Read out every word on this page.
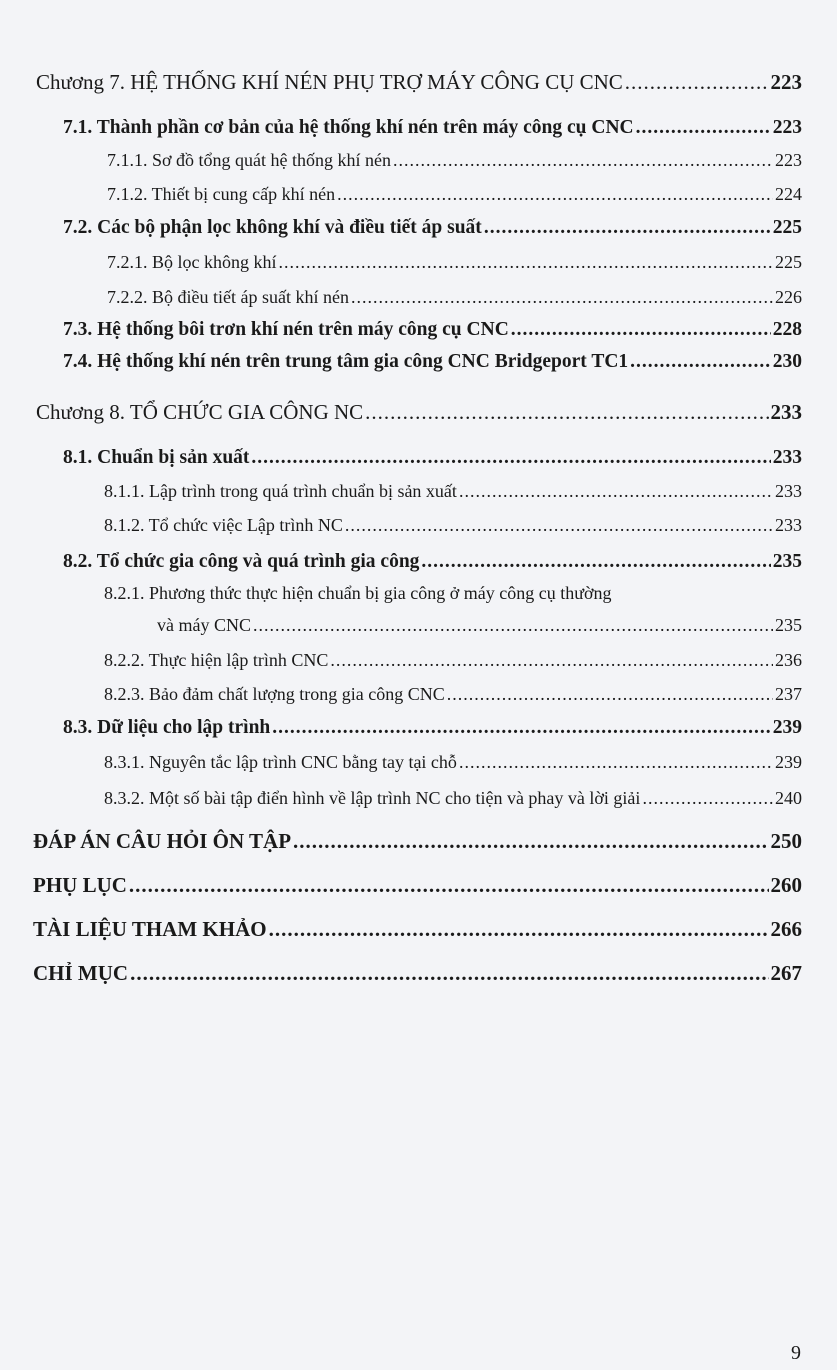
Chương 7. HỆ THỐNG KHÍ NÉN PHỤ TRỢ MÁY CÔNG CỤ CNC .....	223
7.1. Thành phần cơ bản của hệ thống khí nén trên máy công cụ CNC .....	223
7.1.1. Sơ đồ tổng quát hệ thống khí nén .....	223
7.1.2. Thiết bị cung cấp khí nén .....	224
7.2. Các bộ phận lọc không khí và điều tiết áp suất .....	225
7.2.1. Bộ lọc không khí .....	225
7.2.2. Bộ điều tiết áp suất khí nén .....	226
7.3. Hệ thống bôi trơn khí nén trên máy công cụ CNC .....	228
7.4. Hệ thống khí nén trên trung tâm gia công CNC Bridgeport TC1 .....	230
Chương 8. TỔ CHỨC GIA CÔNG NC .....	233
8.1. Chuẩn bị sản xuất .....	233
8.1.1. Lập trình trong quá trình chuẩn bị sản xuất .....	233
8.1.2. Tổ chức việc Lập trình NC .....	233
8.2. Tổ chức gia công và quá trình gia công .....	235
8.2.1. Phương thức thực hiện chuẩn bị gia công ở máy công cụ thường
và máy CNC .....	235
8.2.2. Thực hiện lập trình CNC .....	236
8.2.3. Bảo đảm chất lượng trong gia công CNC .....	237
8.3. Dữ liệu cho lập trình .....	239
8.3.1. Nguyên tắc lập trình CNC bằng tay tại chỗ .....	239
8.3.2. Một số bài tập điển hình về lập trình NC cho tiện và phay và lời giải .....	240
ĐÁP ÁN CÂU HỎI ÔN TẬP .....	250
PHỤ LỤC .....	260
TÀI LIỆU THAM KHẢO .....	266
CHỈ MỤC .....	267
9
